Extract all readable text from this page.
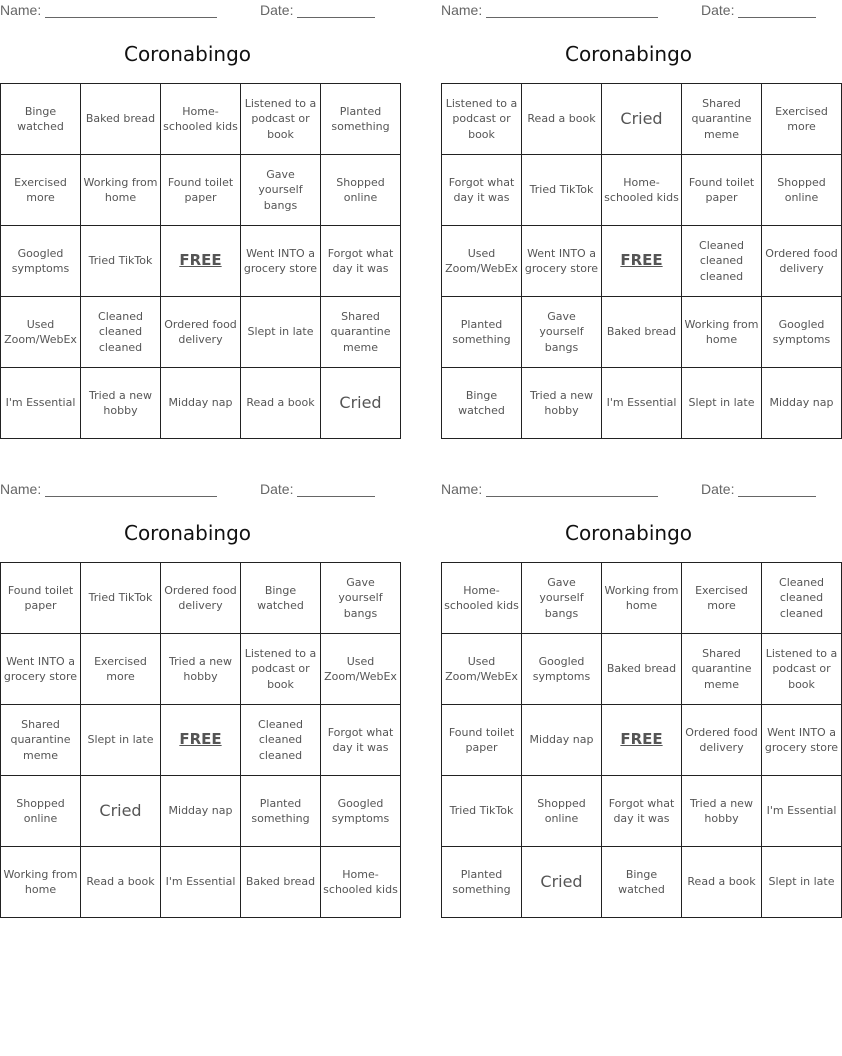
Name:	Date:
Coronabingo
Binge watched	Baked bread	Home-schooled kids	Listened to a podcast or book	Planted something
Exercised more	Working from home	Found toilet paper	Gave yourself bangs	Shopped online
Googled symptoms	Tried TikTok	FREE	Went INTO a grocery store	Forgot what day it was
Used Zoom/WebEx	Cleaned cleaned cleaned	Ordered food delivery	Slept in late	Shared quarantine meme
I'm Essential	Tried a new hobby	Midday nap	Read a book	Cried
Name:	Date:
Coronabingo
Listened to a podcast or book	Read a book	Cried	Shared quarantine meme	Exercised more
Forgot what day it was	Tried TikTok	Home-schooled kids	Found toilet paper	Shopped online
Used Zoom/WebEx	Went INTO a grocery store	FREE	Cleaned cleaned cleaned	Ordered food delivery
Planted something	Gave yourself bangs	Baked bread	Working from home	Googled symptoms
Binge watched	Tried a new hobby	I'm Essential	Slept in late	Midday nap
Name:	Date:
Coronabingo
Found toilet paper	Tried TikTok	Ordered food delivery	Binge watched	Gave yourself bangs
Went INTO a grocery store	Exercised more	Tried a new hobby	Listened to a podcast or book	Used Zoom/WebEx
Shared quarantine meme	Slept in late	FREE	Cleaned cleaned cleaned	Forgot what day it was
Shopped online	Cried	Midday nap	Planted something	Googled symptoms
Working from home	Read a book	I'm Essential	Baked bread	Home-schooled kids
Name:	Date:
Coronabingo
Home-schooled kids	Gave yourself bangs	Working from home	Exercised more	Cleaned cleaned cleaned
Used Zoom/WebEx	Googled symptoms	Baked bread	Shared quarantine meme	Listened to a podcast or book
Found toilet paper	Midday nap	FREE	Ordered food delivery	Went INTO a grocery store
Tried TikTok	Shopped online	Forgot what day it was	Tried a new hobby	I'm Essential
Planted something	Cried	Binge watched	Read a book	Slept in late
